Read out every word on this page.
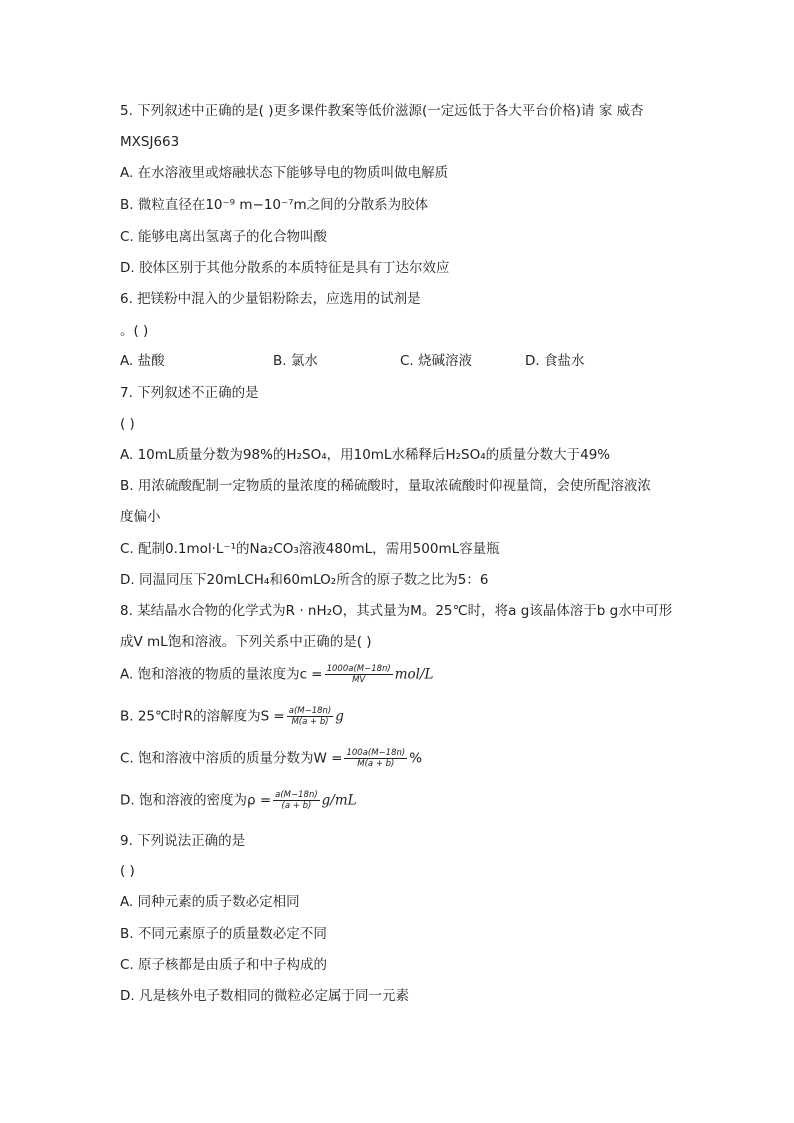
5. 下列叙述中正确的是( )更多课件教案等低价滋源(一定远低于各大平台价格)请 家 威杏
MXSJ663
A. 在水溶液里或熔融状态下能够导电的物质叫做电解质
B. 微粒直径在10⁻⁹ m−10⁻⁷m之间的分散系为胶体
C. 能够电离出氢离子的化合物叫酸
D. 胶体区别于其他分散系的本质特征是具有丁达尔效应
6. 把镁粉中混入的少量铝粉除去，应选用的试剂是
。( )
A. 盐酸	B. 氯水	C. 烧碱溶液	D. 食盐水
7. 下列叙述不正确的是
( )
A. 10mL质量分数为98%的H₂SO₄，用10mL水稀释后H₂SO₄的质量分数大于49%
B. 用浓硫酸配制一定物质的量浓度的稀硫酸时，量取浓硫酸时仰视量筒，会使所配溶液浓
度偏小
C. 配制0.1mol·L⁻¹的Na₂CO₃溶液480mL，需用500mL容量瓶
D. 同温同压下20mLCH₄和60mLO₂所含的原子数之比为5：6
8. 某结晶水合物的化学式为R · nH₂O，其式量为M。25℃时，将a g该晶体溶于b g水中可形
成V mL饱和溶液。下列关系中正确的是( )
A. 饱和溶液的物质的量浓度为$c = \frac{1000a(M-18n)}{MV} mol/L$
B. 25℃时R的溶解度为$S = \frac{a(M-18n)}{M(a + b)}$ g
C. 饱和溶液中溶质的质量分数为$W = \frac{100a(M-18n)}{M(a + b)}$ %
D. 饱和溶液的密度为$\rho = \frac{a(M-18n)}{(a + b)} g/mL$
9. 下列说法正确的是
( )
A. 同种元素的质子数必定相同
B. 不同元素原子的质量数必定不同
C. 原子核都是由质子和中子构成的
D. 凡是核外电子数相同的微粒必定属于同一元素
